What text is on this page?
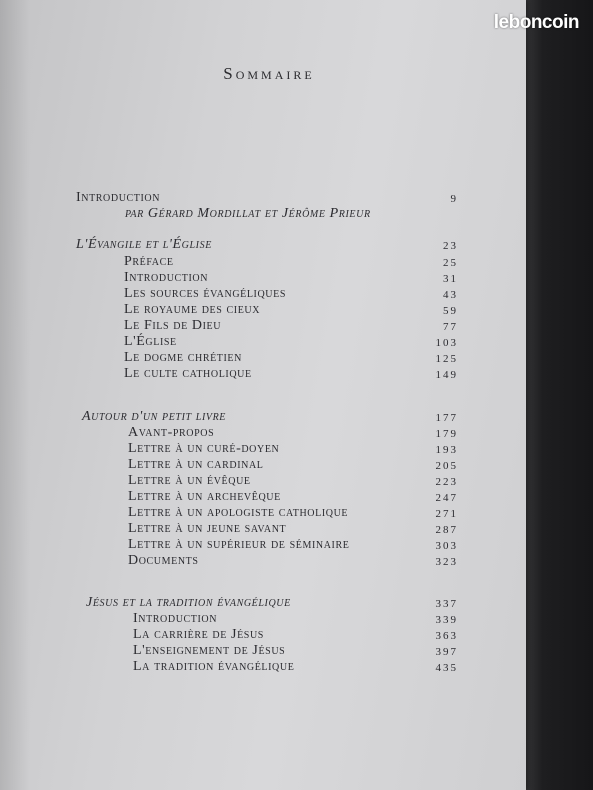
leboncoin
Sommaire
Introduction	9
par Gérard Mordillat et Jérôme Prieur
L'Évangile et l'Église	23
Préface	25
Introduction	31
Les sources évangéliques	43
Le royaume des cieux	59
Le Fils de Dieu	77
L'Église	103
Le dogme chrétien	125
Le culte catholique	149
Autour d'un petit livre	177
Avant-propos	179
Lettre à un curé-doyen	193
Lettre à un cardinal	205
Lettre à un évêque	223
Lettre à un archevêque	247
Lettre à un apologiste catholique	271
Lettre à un jeune savant	287
Lettre à un supérieur de séminaire	303
Documents	323
Jésus et la tradition évangélique	337
Introduction	339
La carrière de Jésus	363
L'enseignement de Jésus	397
La tradition évangélique	435
